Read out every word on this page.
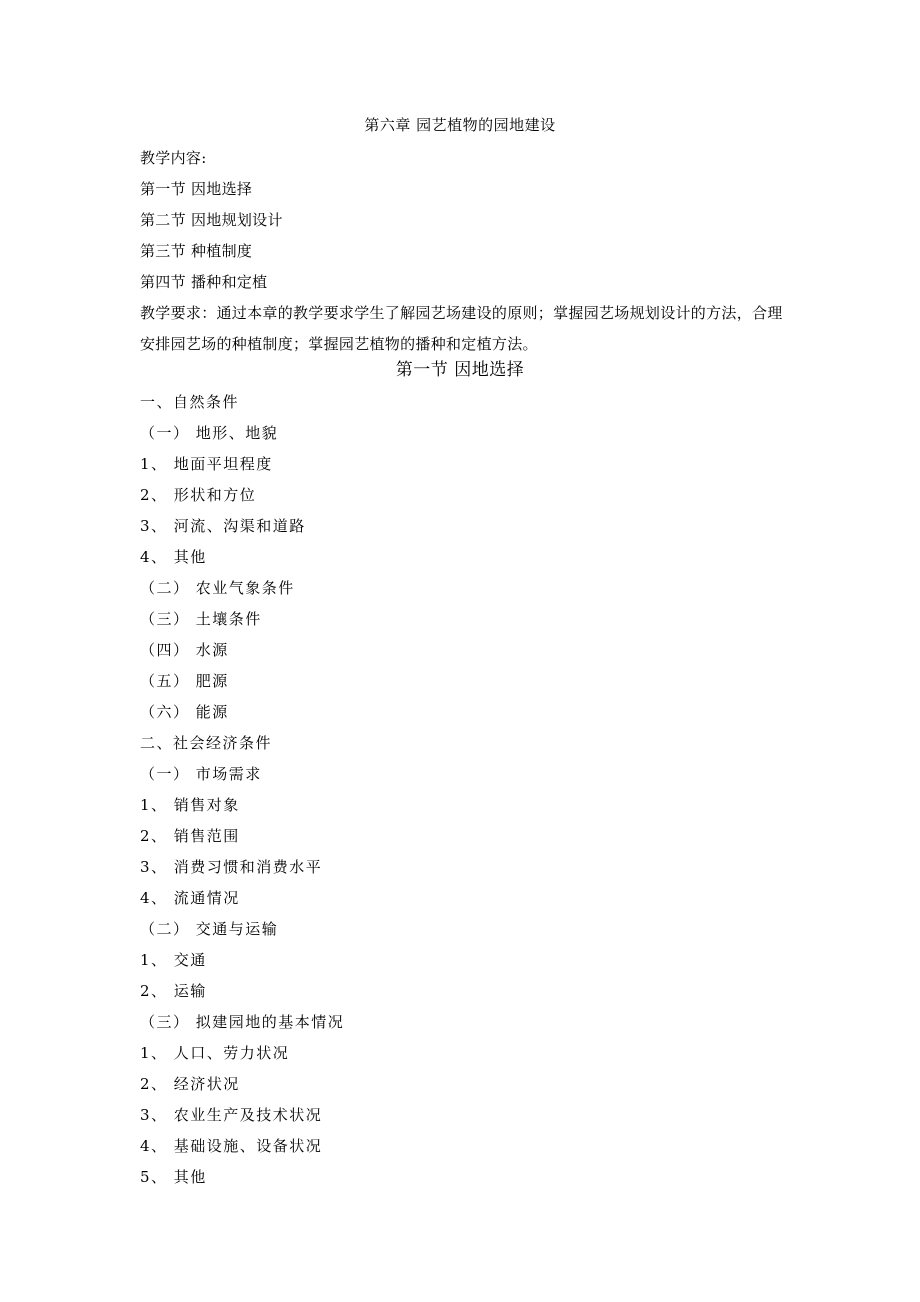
第六章 园艺植物的园地建设
教学内容:
第一节 因地选择
第二节 因地规划设计
第三节 种植制度
第四节 播种和定植
教学要求：通过本章的教学要求学生了解园艺场建设的原则；掌握园艺场规划设计的方法，合理安排园艺场的种植制度；掌握园艺植物的播种和定植方法。
第一节 因地选择
一、自然条件
（一） 地形、地貌
1、 地面平坦程度
2、 形状和方位
3、 河流、沟渠和道路
4、 其他
（二） 农业气象条件
（三） 土壤条件
（四） 水源
（五） 肥源
（六） 能源
二、社会经济条件
（一） 市场需求
1、 销售对象
2、 销售范围
3、 消费习惯和消费水平
4、 流通情况
（二） 交通与运输
1、 交通
2、 运输
（三） 拟建园地的基本情况
1、 人口、劳力状况
2、 经济状况
3、 农业生产及技术状况
4、 基础设施、设备状况
5、 其他
